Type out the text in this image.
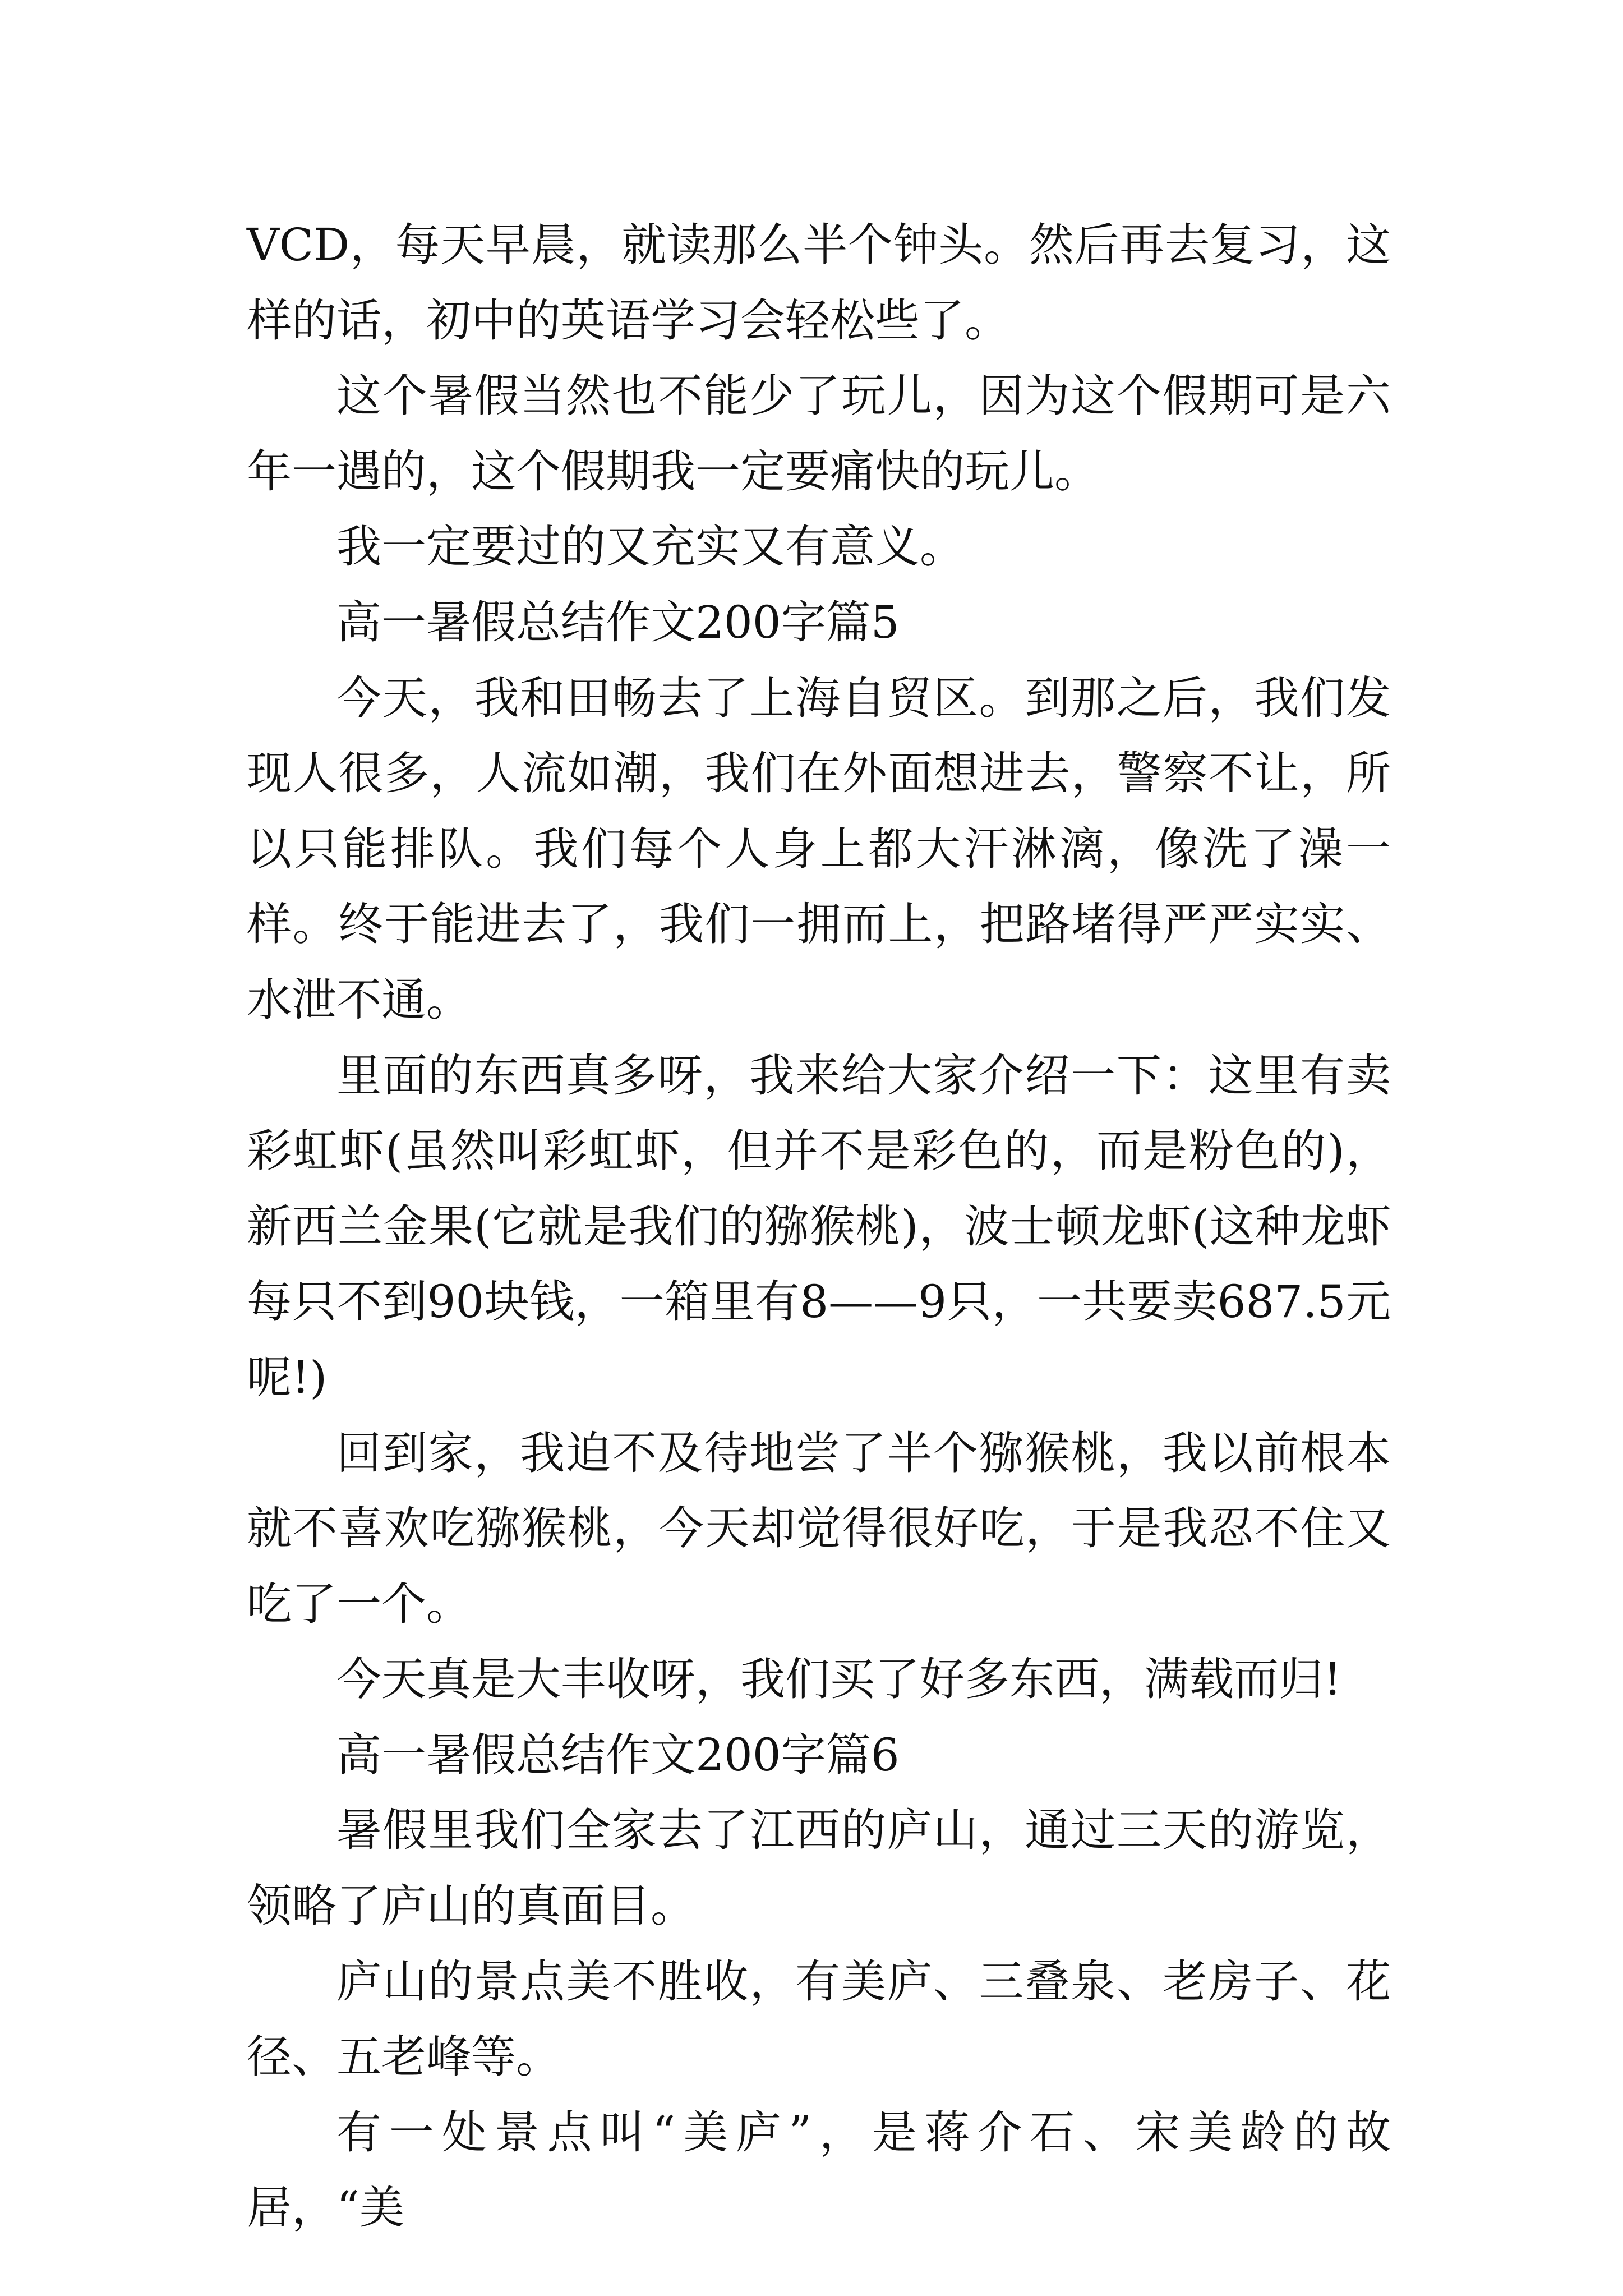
VCD，每天早晨，就读那么半个钟头。然后再去复习，这样的话，初中的英语学习会轻松些了。

这个暑假当然也不能少了玩儿，因为这个假期可是六年一遇的，这个假期我一定要痛快的玩儿。

我一定要过的又充实又有意义。

高一暑假总结作文200字篇5

今天，我和田畅去了上海自贸区。到那之后，我们发现人很多，人流如潮，我们在外面想进去，警察不让，所以只能排队。我们每个人身上都大汗淋漓，像洗了澡一样。终于能进去了，我们一拥而上，把路堵得严严实实、水泄不通。

里面的东西真多呀，我来给大家介绍一下：这里有卖彩虹虾(虽然叫彩虹虾，但并不是彩色的，而是粉色的)，新西兰金果(它就是我们的猕猴桃)，波士顿龙虾(这种龙虾每只不到90块钱，一箱里有8——9只，一共要卖687.5元呢!)

回到家，我迫不及待地尝了半个猕猴桃，我以前根本就不喜欢吃猕猴桃，今天却觉得很好吃，于是我忍不住又吃了一个。

今天真是大丰收呀，我们买了好多东西，满载而归!

高一暑假总结作文200字篇6

暑假里我们全家去了江西的庐山，通过三天的游览，领略了庐山的真面目。

庐山的景点美不胜收，有美庐、三叠泉、老房子、花径、五老峰等。

有一处景点叫“美庐”，是蒋介石、宋美龄的故居，“美
